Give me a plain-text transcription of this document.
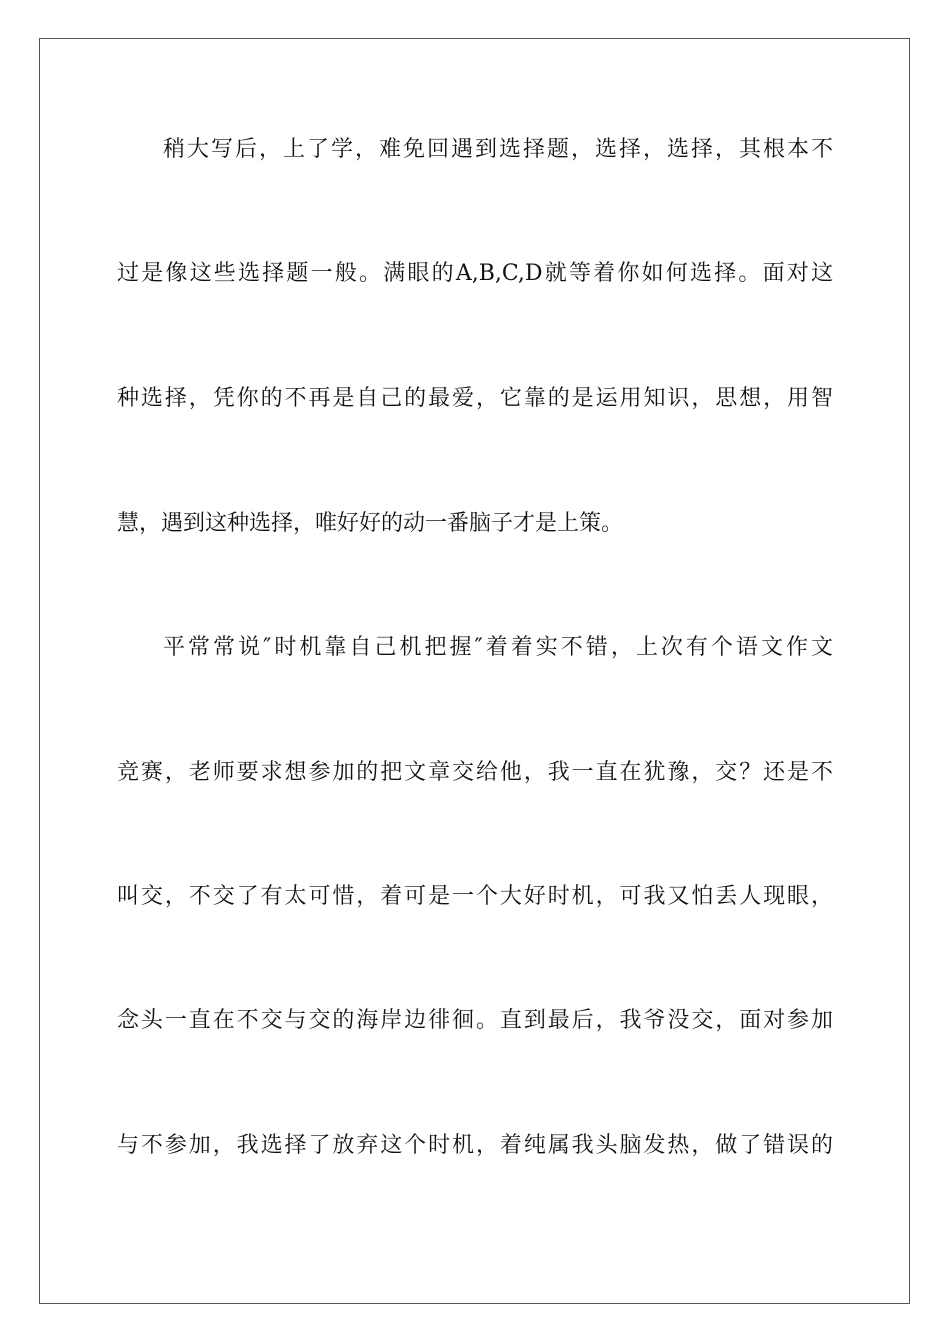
稍大写后，上了学，难免回遇到选择题，选择，选择，其根本不
过是像这些选择题一般。满眼的A,B,C,D就等着你如何选择。面对这
种选择，凭你的不再是自己的最爱，它靠的是运用知识，思想，用智
慧，遇到这种选择，唯好好的动一番脑子才是上策。
平常常说″时机靠自己机把握″着着实不错，上次有个语文作文
竞赛，老师要求想参加的把文章交给他，我一直在犹豫，交？还是不
叫交，不交了有太可惜，着可是一个大好时机，可我又怕丢人现眼，
念头一直在不交与交的海岸边徘徊。直到最后，我爷没交，面对参加
与不参加，我选择了放弃这个时机，着纯属我头脑发热，做了错误的
